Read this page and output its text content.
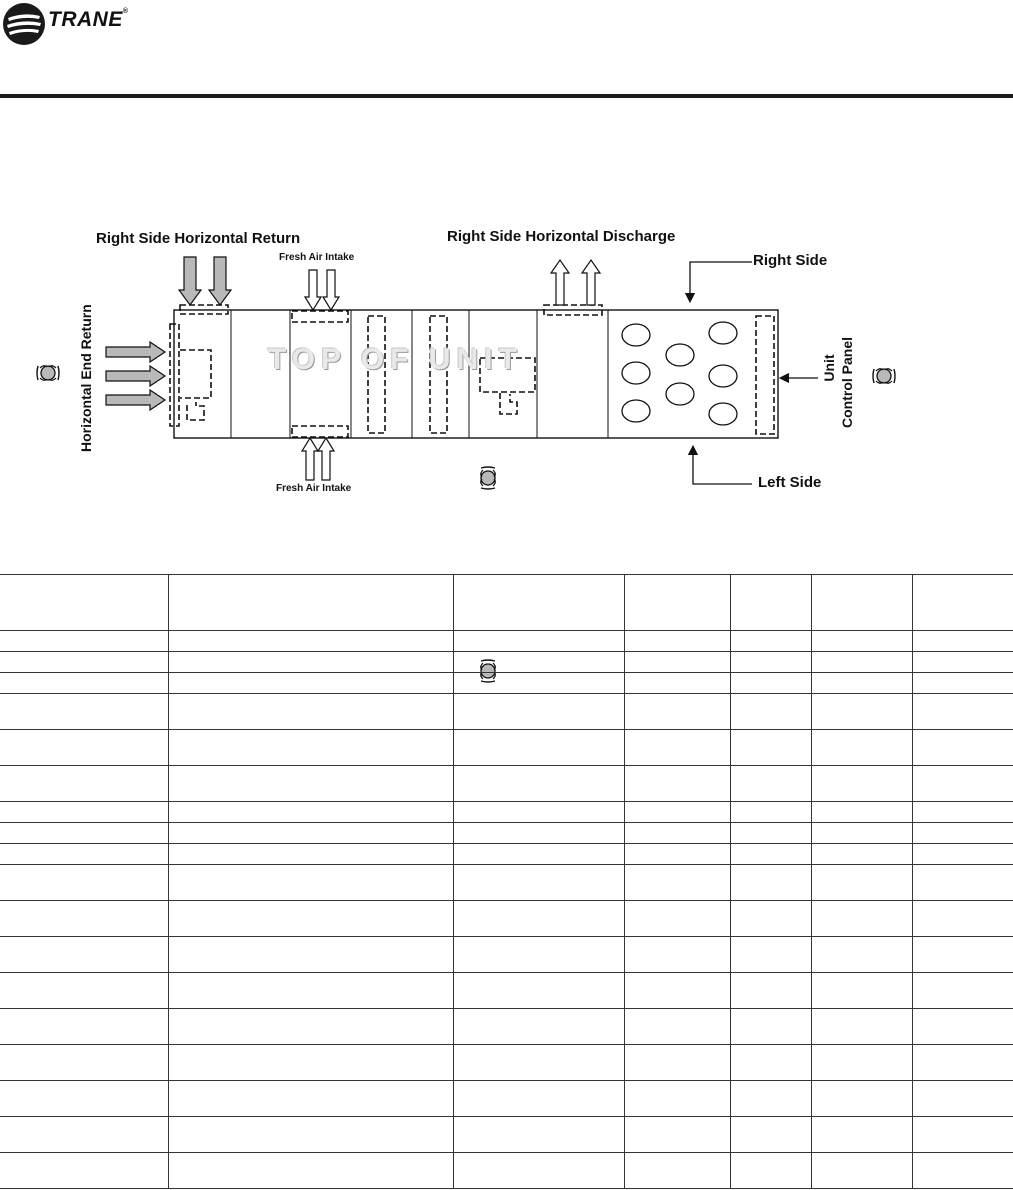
TRANE®
TOP OF UNIT
Right Side Horizontal Return	Right Side Horizontal Discharge
Fresh Air Intake
Fresh Air Intake
Right Side
Left Side
Horizontal End Return	Unit Control Panel
